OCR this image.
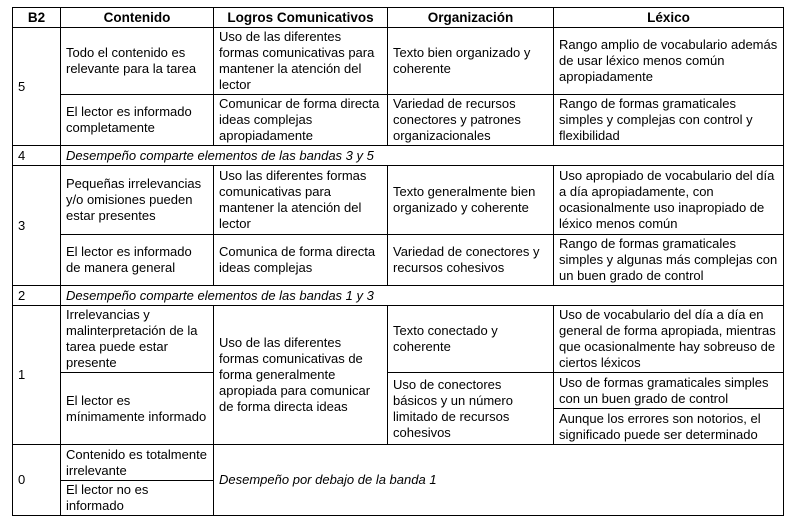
B2	Contenido	Logros Comunicativos	Organización	Léxico
5	Todo el contenido es relevante para la tarea	Uso de las diferentes formas comunicativas para mantener la atención del lector	Texto bien organizado y coherente	Rango amplio de vocabulario además de usar léxico menos común apropiadamente
	El lector es informado completamente	Comunicar de forma directa ideas complejas apropiadamente	Variedad de recursos conectores y patrones organizacionales	Rango de formas gramaticales simples y complejas con control y flexibilidad
4	Desempeño comparte elementos de las bandas 3 y 5			
3	Pequeñas irrelevancias y/o omisiones pueden estar presentes	Uso las diferentes formas comunicativas para mantener la atención del lector	Texto generalmente bien organizado y coherente	Uso apropiado de vocabulario del día a día apropiadamente, con ocasionalmente uso inapropiado de léxico menos común
	El lector es informado de manera general	Comunica de forma directa ideas complejas	Variedad de conectores y recursos cohesivos	Rango de formas gramaticales simples y algunas más complejas con un buen grado de control
2	Desempeño comparte elementos de las bandas 1 y 3			
1	Irrelevancias y malinterpretación de la tarea puede estar presente	Uso de las diferentes formas comunicativas de forma generalmente apropiada para comunicar de forma directa ideas	Texto conectado y coherente	Uso de vocabulario del día a día en general de forma apropiada, mientras que ocasionalmente hay sobreuso de ciertos léxicos
	El lector es mínimamente informado		Uso de conectores básicos y un número limitado de recursos cohesivos	Uso de formas gramaticales simples con un buen grado de control
				Aunque los errores son notorios, el significado puede ser determinado
0	Contenido es totalmente irrelevante	Desempeño por debajo de la banda 1		
	El lector no es informado			
